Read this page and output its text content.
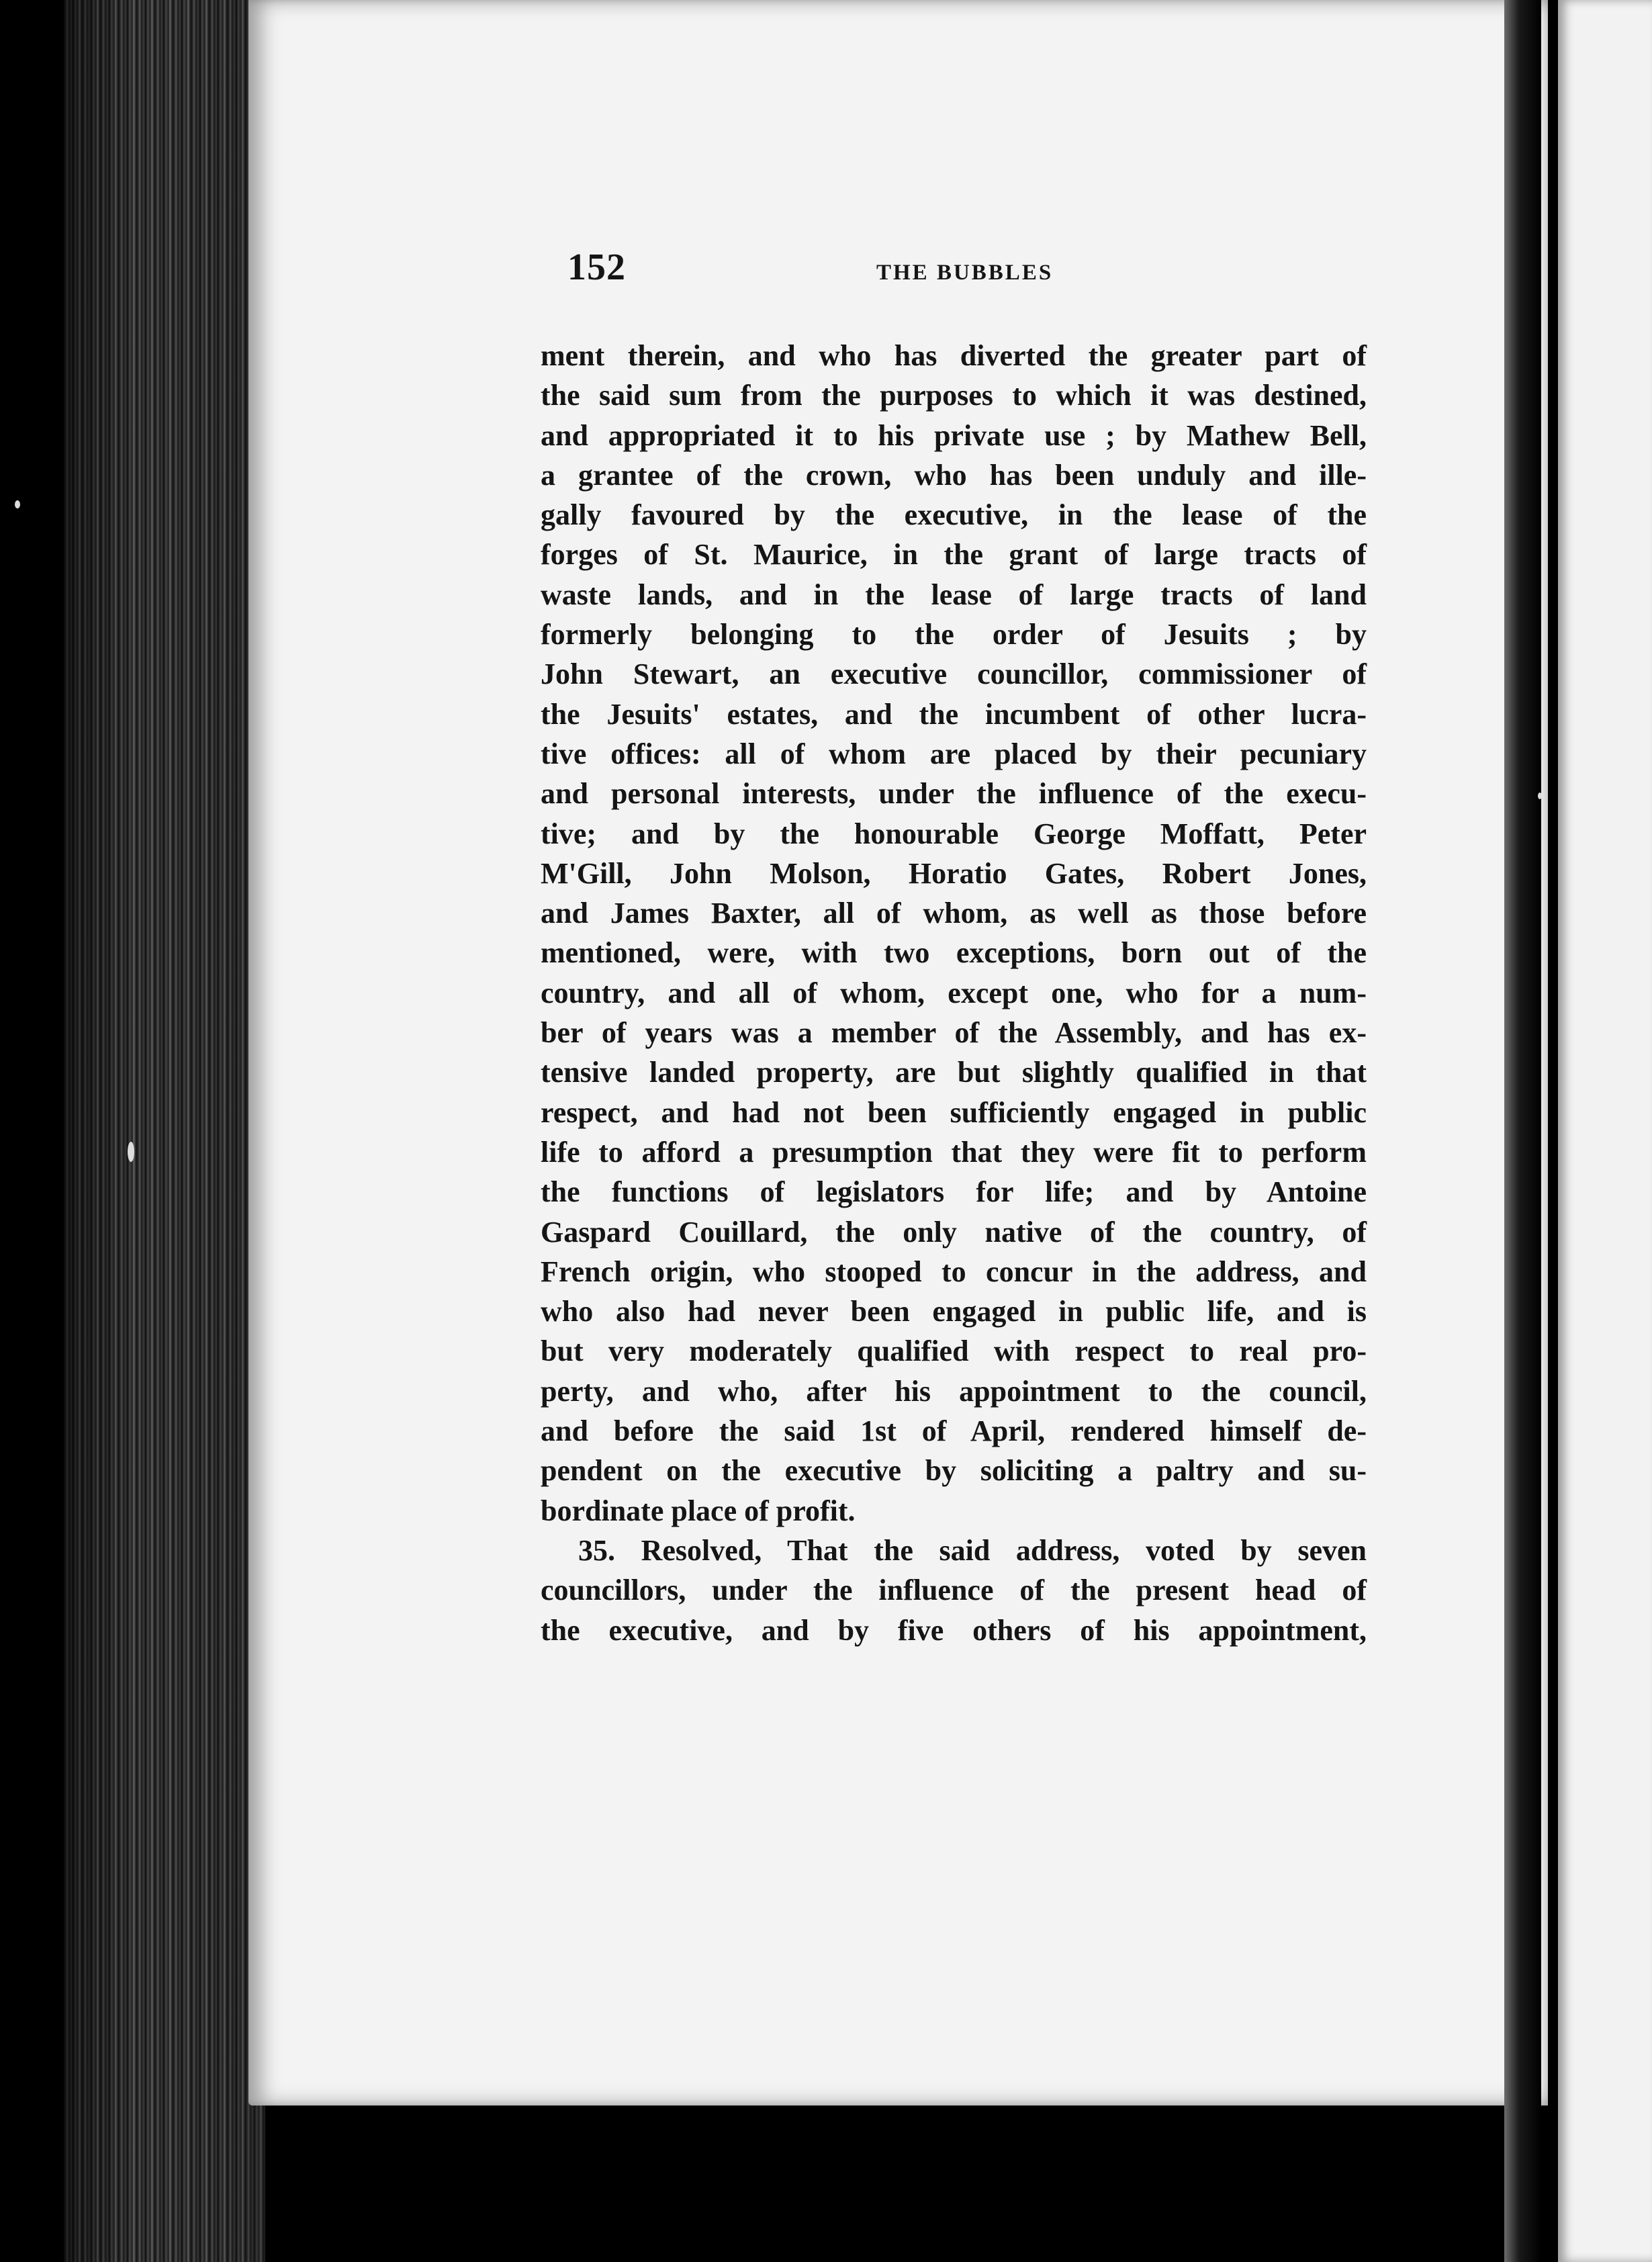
152	THE BUBBLES
ment therein, and who has diverted the greater part of
the said sum from the purposes to which it was destined,
and appropriated it to his private use ; by Mathew Bell,
a grantee of the crown, who has been unduly and ille-
gally favoured by the executive, in the lease of the
forges of St. Maurice, in the grant of large tracts of
waste lands, and in the lease of large tracts of land
formerly belonging to the order of Jesuits ; by
John Stewart, an executive councillor, commissioner of
the Jesuits' estates, and the incumbent of other lucra-
tive offices: all of whom are placed by their pecuniary
and personal interests, under the influence of the execu-
tive; and by the honourable George Moffatt, Peter
M'Gill, John Molson, Horatio Gates, Robert Jones,
and James Baxter, all of whom, as well as those before
mentioned, were, with two exceptions, born out of the
country, and all of whom, except one, who for a num-
ber of years was a member of the Assembly, and has ex-
tensive landed property, are but slightly qualified in that
respect, and had not been sufficiently engaged in public
life to afford a presumption that they were fit to perform
the functions of legislators for life; and by Antoine
Gaspard Couillard, the only native of the country, of
French origin, who stooped to concur in the address, and
who also had never been engaged in public life, and is
but very moderately qualified with respect to real pro-
perty, and who, after his appointment to the council,
and before the said 1st of April, rendered himself de-
pendent on the executive by soliciting a paltry and su-
bordinate place of profit.
35. Resolved, That the said address, voted by seven
councillors, under the influence of the present head of
the executive, and by five others of his appointment,
